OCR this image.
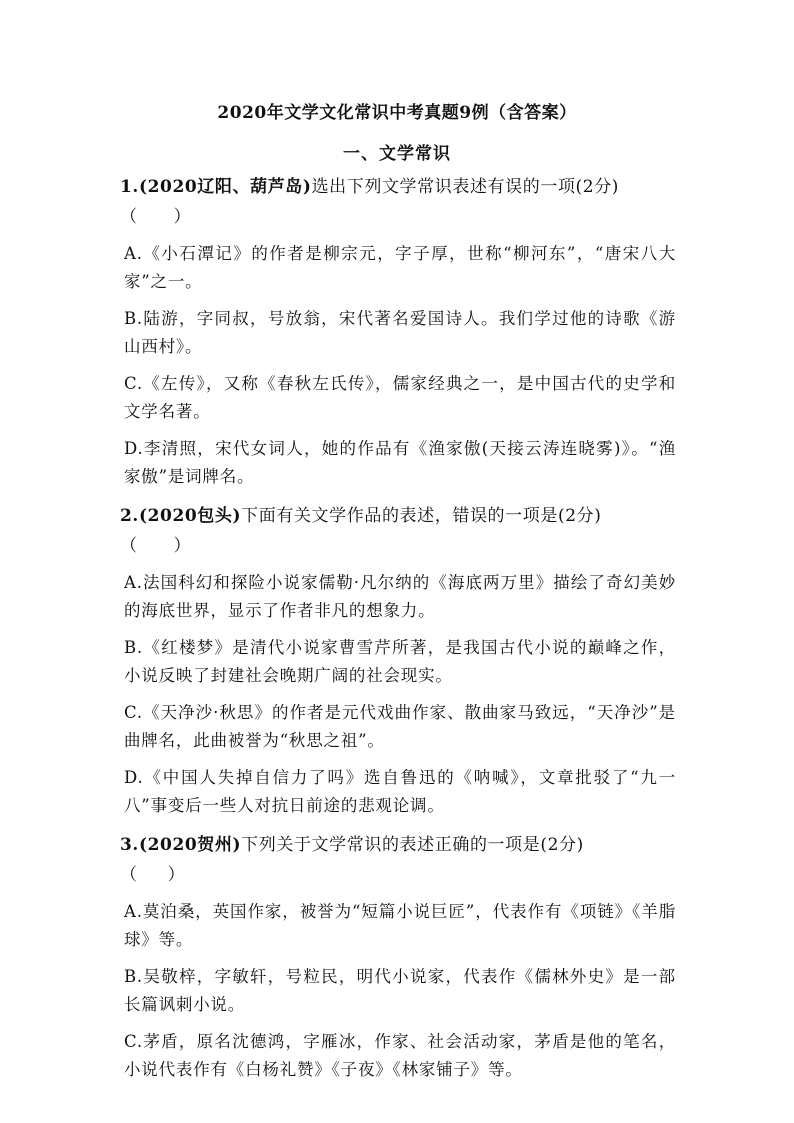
2020年文学文化常识中考真题9例（含答案）
一、文学常识
1.(2020辽阳、葫芦岛)选出下列文学常识表述有误的一项(2分)
（      ）
A.《小石潭记》的作者是柳宗元，字子厚，世称“柳河东”，“唐宋八大家”之一。
B.陆游，字同叔，号放翁，宋代著名爱国诗人。我们学过他的诗歌《游山西村》。
C.《左传》，又称《春秋左氏传》，儒家经典之一，是中国古代的史学和文学名著。
D.李清照，宋代女词人，她的作品有《渔家傲(天接云涛连晓雾)》。“渔家傲”是词牌名。
2.(2020包头)下面有关文学作品的表述，错误的一项是(2分)
（      ）
A.法国科幻和探险小说家儒勒·凡尔纳的《海底两万里》描绘了奇幻美妙的海底世界，显示了作者非凡的想象力。
B.《红楼梦》是清代小说家曹雪芹所著，是我国古代小说的巅峰之作，小说反映了封建社会晚期广阔的社会现实。
C.《天净沙·秋思》的作者是元代戏曲作家、散曲家马致远，“天净沙”是曲牌名，此曲被誉为“秋思之祖”。
D.《中国人失掉自信力了吗》选自鲁迅的《呐喊》，文章批驳了“九一八”事变后一些人对抗日前途的悲观论调。
3.(2020贺州)下列关于文学常识的表述正确的一项是(2分)
（     ）
A.莫泊桑，英国作家，被誉为“短篇小说巨匠”，代表作有《项链》《羊脂球》等。
B.吴敬梓，字敏轩，号粒民，明代小说家，代表作《儒林外史》是一部长篇讽刺小说。
C.茅盾，原名沈德鸿，字雁冰，作家、社会活动家，茅盾是他的笔名，小说代表作有《白杨礼赞》《子夜》《林家铺子》等。
